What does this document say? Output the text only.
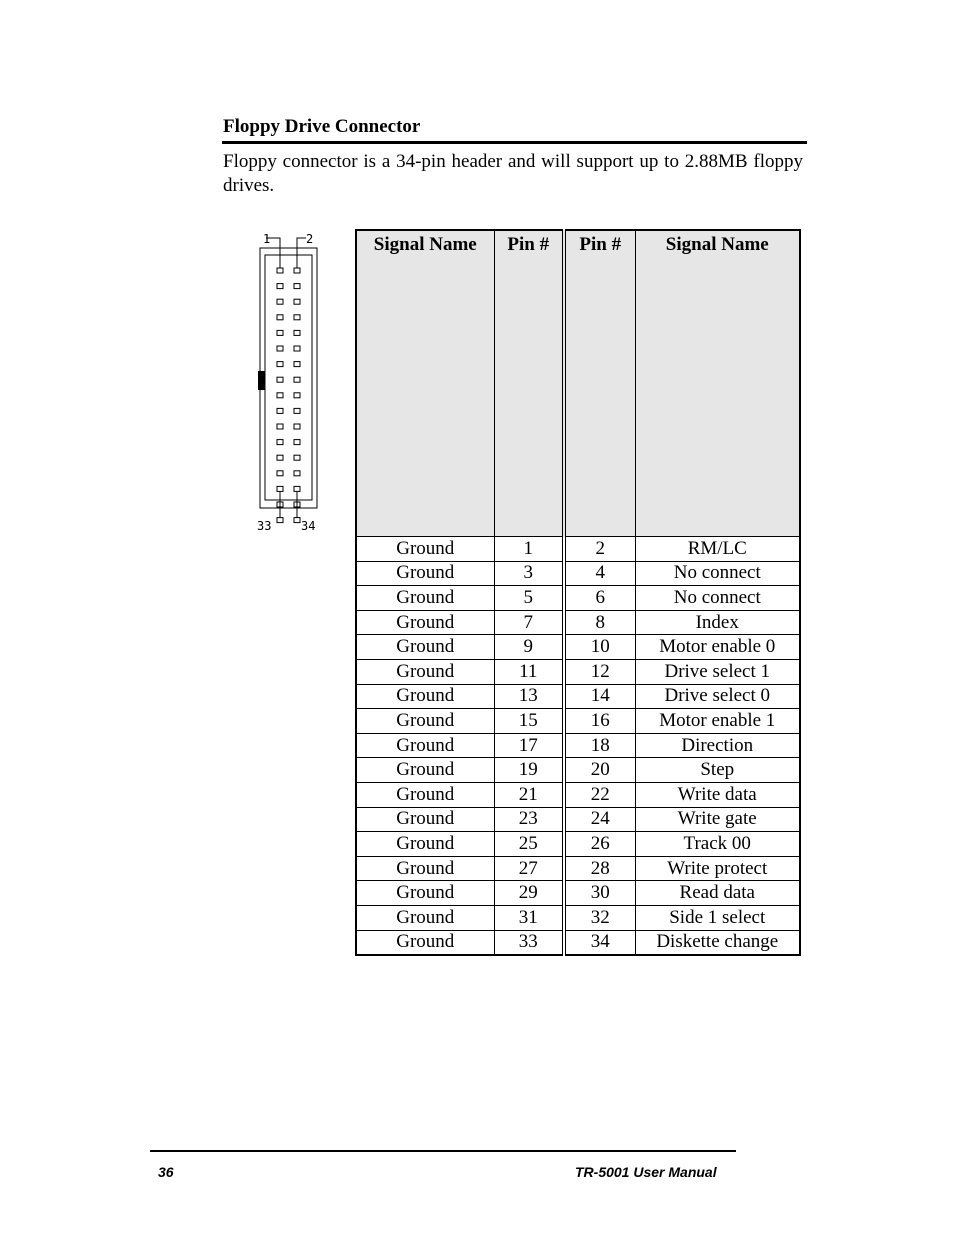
Floppy Drive Connector

Floppy connector is a 34-pin header and will support up to 2.88MB floppy drives.

1	2
33 34
Signal Name	Pin #	Pin #	Signal Name
Ground	1	2	RM/LC
Ground	3	4	No connect
Ground	5	6	No connect
Ground	7	8	Index
Ground	9	10	Motor enable 0
Ground	11	12	Drive select 1
Ground	13	14	Drive select 0
Ground	15	16	Motor enable 1
Ground	17	18	Direction
Ground	19	20	Step
Ground	21	22	Write data
Ground	23	24	Write gate
Ground	25	26	Track 00
Ground	27	28	Write protect
Ground	29	30	Read data
Ground	31	32	Side 1 select
Ground	33	34	Diskette change
36	TR-5001 User Manual
